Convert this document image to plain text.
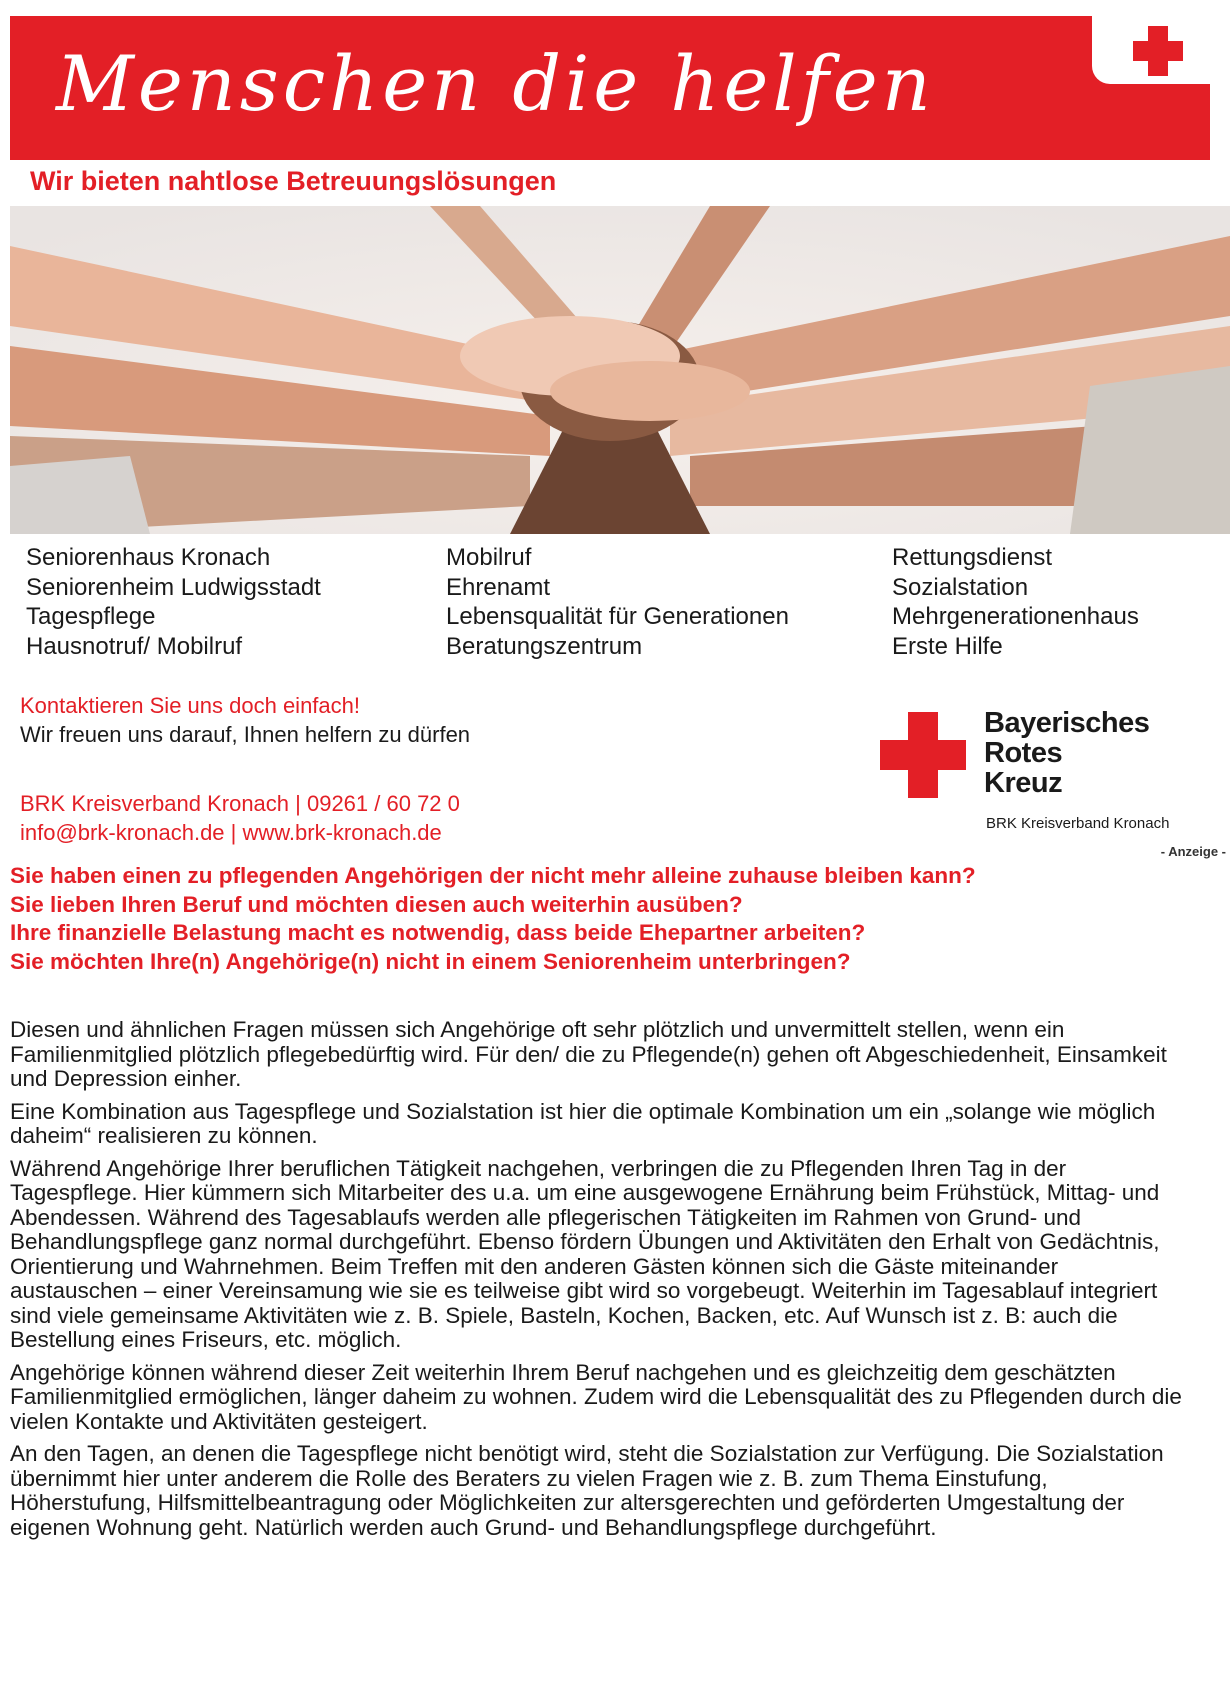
Menschen die helfen
Wir bieten nahtlose Betreuungslösungen
Seniorenhaus Kronach
Seniorenheim Ludwigsstadt
Tagespflege
Hausnotruf/ Mobilruf
Mobilruf
Ehrenamt
Lebensqualität für Generationen
Beratungszentrum
Rettungsdienst
Sozialstation
Mehrgenerationenhaus
Erste Hilfe
Kontaktieren Sie uns doch einfach!
Wir freuen uns darauf, Ihnen helfern zu dürfen
BRK Kreisverband Kronach | 09261 / 60 72 0
info@brk-kronach.de | www.brk-kronach.de
Bayerisches
Rotes
Kreuz
BRK Kreisverband Kronach
- Anzeige -
Sie haben einen zu pflegenden Angehörigen der nicht mehr alleine zuhause bleiben kann?
Sie lieben Ihren Beruf und möchten diesen auch weiterhin ausüben?
Ihre finanzielle Belastung macht es notwendig, dass beide Ehepartner arbeiten?
Sie möchten Ihre(n) Angehörige(n) nicht in einem Seniorenheim unterbringen?

Diesen und ähnlichen Fragen müssen sich Angehörige oft sehr plötzlich und unvermittelt stellen, wenn ein Familienmitglied plötzlich pflegebedürftig wird. Für den/ die zu Pflegende(n) gehen oft Abgeschiedenheit, Einsamkeit und Depression einher.

Eine Kombination aus Tagespflege und Sozialstation ist hier die optimale Kombination um ein „solange wie möglich daheim“ realisieren zu können.

Während Angehörige Ihrer beruflichen Tätigkeit nachgehen, verbringen die zu Pflegenden Ihren Tag in der Tagespflege. Hier kümmern sich Mitarbeiter des u.a. um eine ausgewogene Ernährung beim Frühstück, Mittag- und Abendessen. Während des Tagesablaufs werden alle pflegerischen Tätigkeiten im Rahmen von Grund- und Behandlungspflege ganz normal durchgeführt. Ebenso fördern Übungen und Aktivitäten den Erhalt von Gedächtnis, Orientierung und Wahrnehmen. Beim Treffen mit den anderen Gästen können sich die Gäste miteinander austauschen – einer Vereinsamung wie sie es teilweise gibt wird so vorgebeugt. Weiterhin im Tagesablauf integriert sind viele gemeinsame Aktivitäten wie z. B. Spiele, Basteln, Kochen, Backen, etc. Auf Wunsch ist z. B: auch die Bestellung eines Friseurs, etc. möglich.

Angehörige können während dieser Zeit weiterhin Ihrem Beruf nachgehen und es gleichzeitig dem geschätzten Familienmitglied ermöglichen, länger daheim zu wohnen. Zudem wird die Lebensqualität des zu Pflegenden durch die vielen Kontakte und Aktivitäten gesteigert.

An den Tagen, an denen die Tagespflege nicht benötigt wird, steht die Sozialstation zur Verfügung. Die Sozialstation übernimmt hier unter anderem die Rolle des Beraters zu vielen Fragen wie z. B. zum Thema Einstufung, Höherstufung, Hilfsmittelbeantragung oder Möglichkeiten zur altersgerechten und geförderten Umgestaltung der eigenen Wohnung geht. Natürlich werden auch Grund- und Behandlungspflege durchgeführt.
